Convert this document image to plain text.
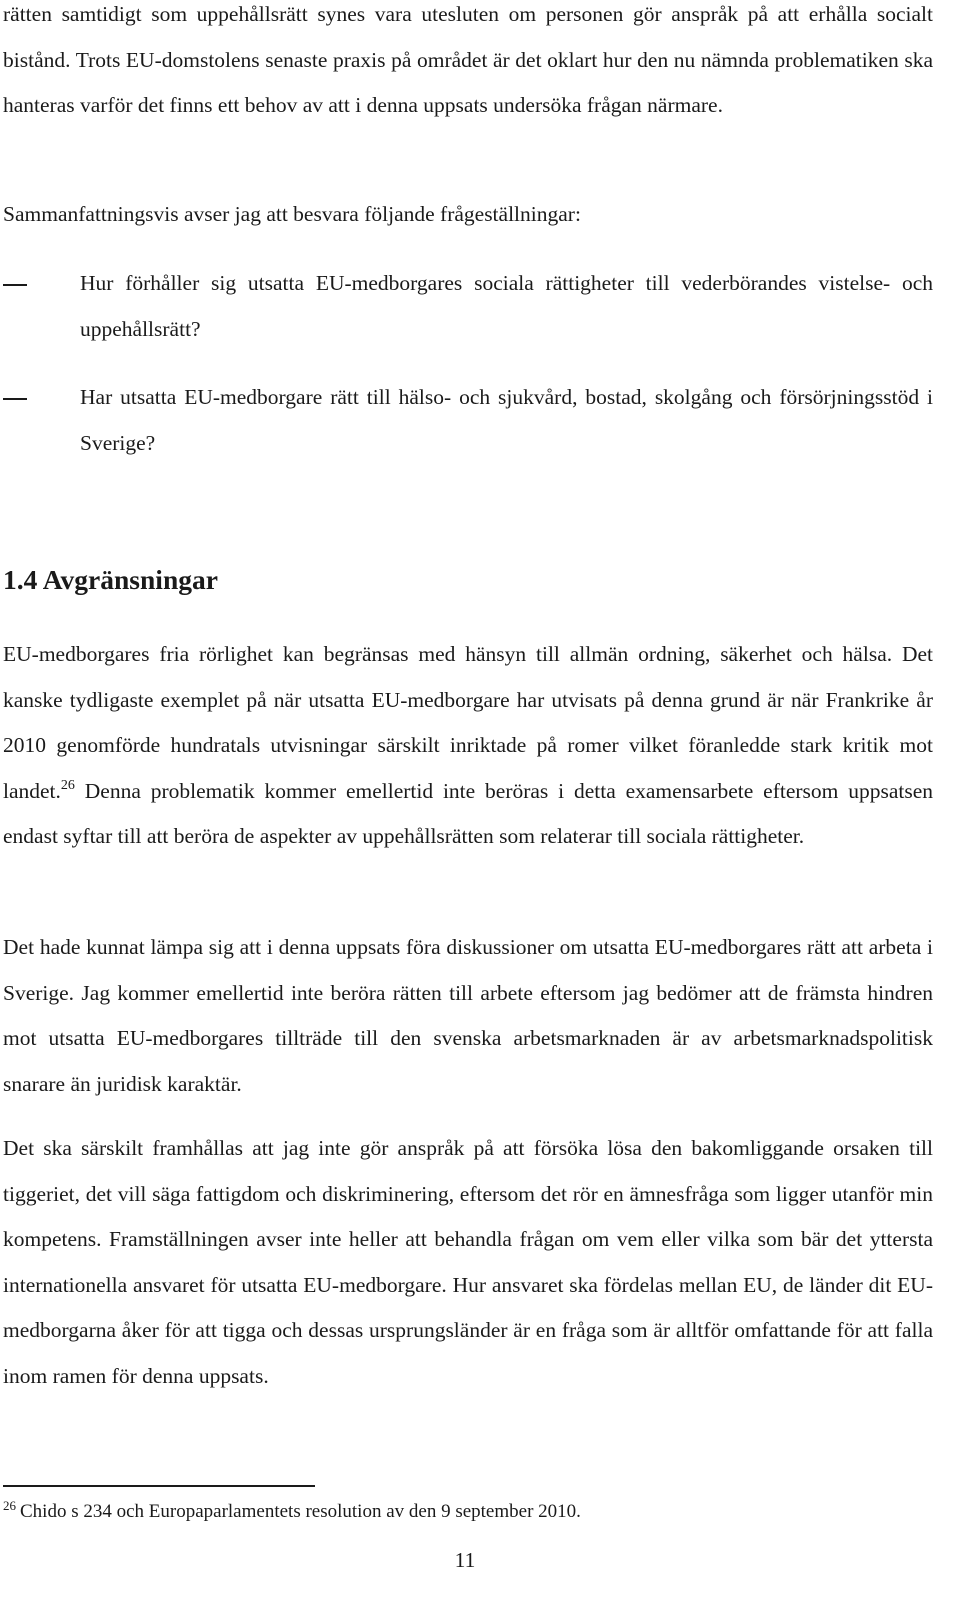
rätten samtidigt som uppehållsrätt synes vara utesluten om personen gör anspråk på att erhålla socialt bistånd. Trots EU-domstolens senaste praxis på området är det oklart hur den nu nämnda problematiken ska hanteras varför det finns ett behov av att i denna uppsats undersöka frågan närmare.

Sammanfattningsvis avser jag att besvara följande frågeställningar:

Hur förhåller sig utsatta EU-medborgares sociala rättigheter till vederbörandes vistelse- och uppehållsrätt?
Har utsatta EU-medborgare rätt till hälso- och sjukvård, bostad, skolgång och försörjningsstöd i Sverige?
1.4 Avgränsningar

EU-medborgares fria rörlighet kan begränsas med hänsyn till allmän ordning, säkerhet och hälsa. Det kanske tydligaste exemplet på när utsatta EU-medborgare har utvisats på denna grund är när Frankrike år 2010 genomförde hundratals utvisningar särskilt inriktade på romer vilket föranledde stark kritik mot landet.$^{26}$ Denna problematik kommer emellertid inte beröras i detta examensarbete eftersom uppsatsen endast syftar till att beröra de aspekter av uppehållsrätten som relaterar till sociala rättigheter.

Det hade kunnat lämpa sig att i denna uppsats föra diskussioner om utsatta EU-medborgares rätt att arbeta i Sverige. Jag kommer emellertid inte beröra rätten till arbete eftersom jag bedömer att de främsta hindren mot utsatta EU-medborgares tillträde till den svenska arbetsmarknaden är av arbetsmarknadspolitisk snarare än juridisk karaktär.

Det ska särskilt framhållas att jag inte gör anspråk på att försöka lösa den bakomliggande orsaken till tiggeriet, det vill säga fattigdom och diskriminering, eftersom det rör en ämnesfråga som ligger utanför min kompetens. Framställningen avser inte heller att behandla frågan om vem eller vilka som bär det yttersta internationella ansvaret för utsatta EU-medborgare. Hur ansvaret ska fördelas mellan EU, de länder dit EU-medborgarna åker för att tigga och dessas ursprungsländer är en fråga som är alltför omfattande för att falla inom ramen för denna uppsats.

$^{26}$ Chido s 234 och Europaparlamentets resolution av den 9 september 2010.
11
